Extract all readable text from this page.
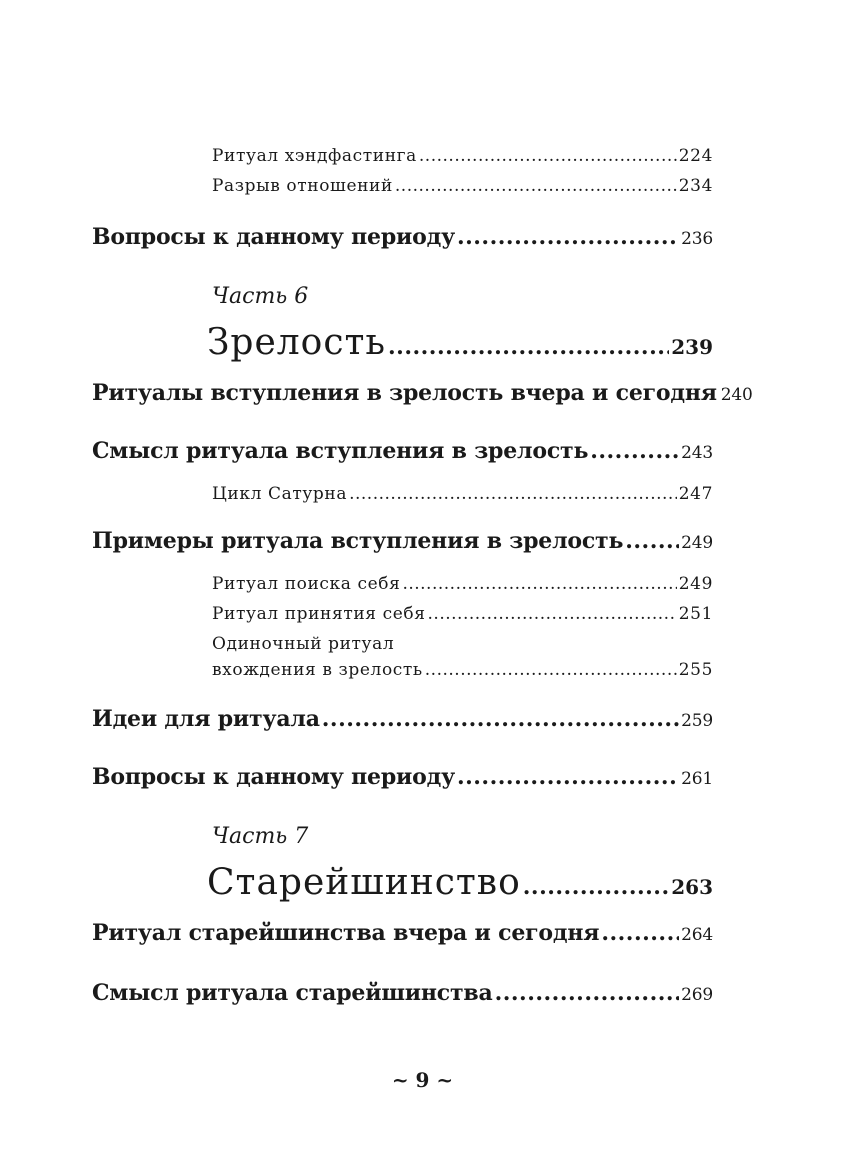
Ритуал хэндфастинга .....	224
Разрыв отношений .....	234
Вопросы к данному периоду .....	236
Часть 6
Зрелость .....	239
Ритуалы вступления в зрелость вчера и сегодня 240
Смысл ритуала вступления в зрелость .....	243
Цикл Сатурна .....	247
Примеры ритуала вступления в зрелость .....	249
Ритуал поиска себя .....	249
Ритуал принятия себя .....	251
Одиночный ритуал
вхождения в зрелость .....	255
Идеи для ритуала .....	259
Вопросы к данному периоду .....	261
Часть 7
Старейшинство .....	263
Ритуал старейшинства вчера и сегодня .....	264
Смысл ритуала старейшинства .....	269
~ 9 ~
